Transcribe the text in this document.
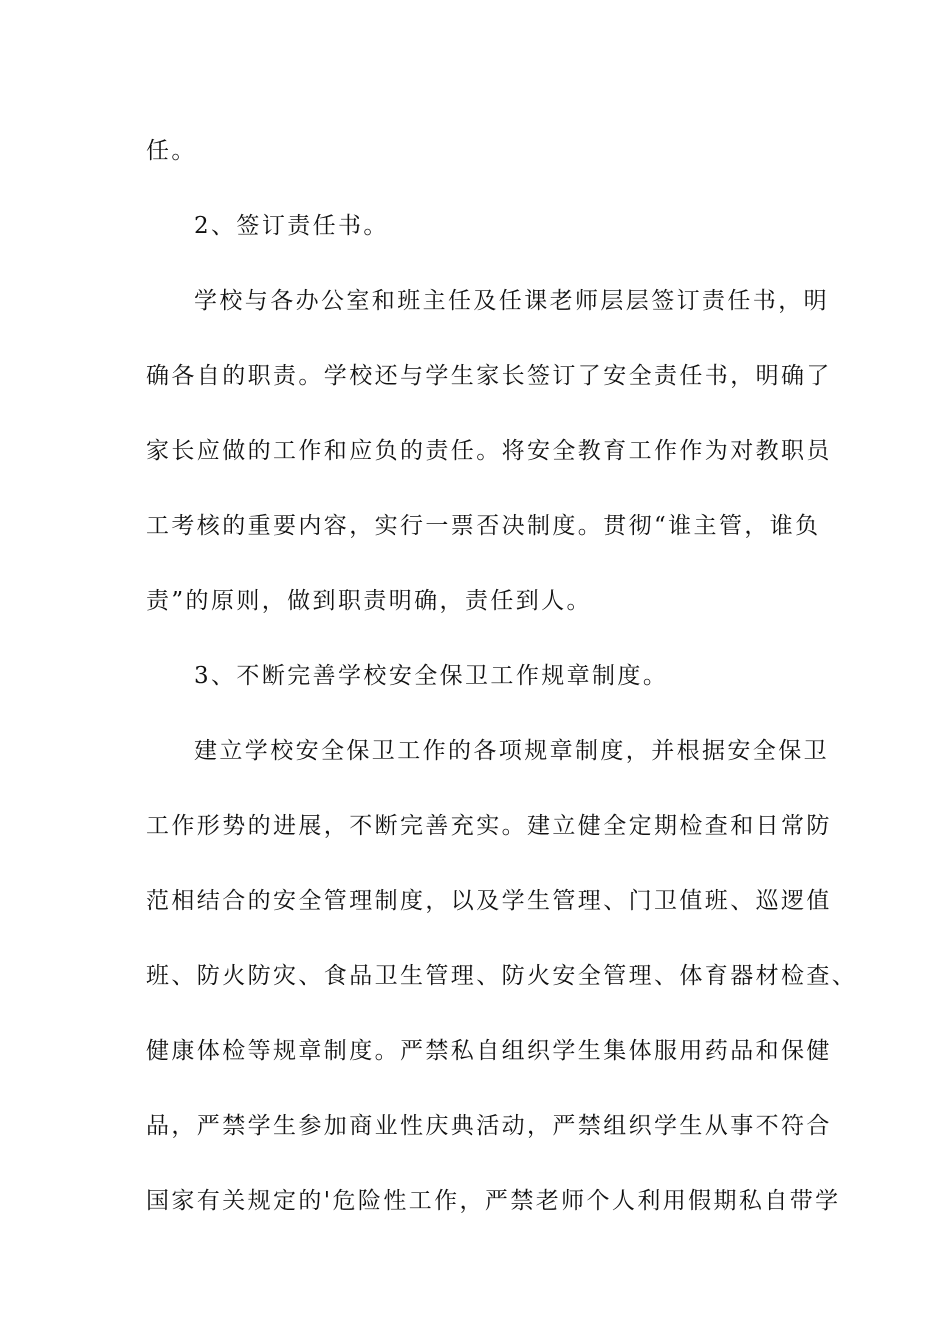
任。

2、签订责任书。

学校与各办公室和班主任及任课老师层层签订责任书，明

确各自的职责。学校还与学生家长签订了安全责任书，明确了

家长应做的工作和应负的责任。将安全教育工作作为对教职员

工考核的重要内容，实行一票否决制度。贯彻“谁主管，谁负

责”的原则，做到职责明确，责任到人。

3、不断完善学校安全保卫工作规章制度。

建立学校安全保卫工作的各项规章制度，并根据安全保卫

工作形势的进展，不断完善充实。建立健全定期检查和日常防

范相结合的安全管理制度，以及学生管理、门卫值班、巡逻值

班、防火防灾、食品卫生管理、防火安全管理、体育器材检查、

健康体检等规章制度。严禁私自组织学生集体服用药品和保健

品，严禁学生参加商业性庆典活动，严禁组织学生从事不符合

国家有关规定的'危险性工作，严禁老师个人利用假期私自带学
